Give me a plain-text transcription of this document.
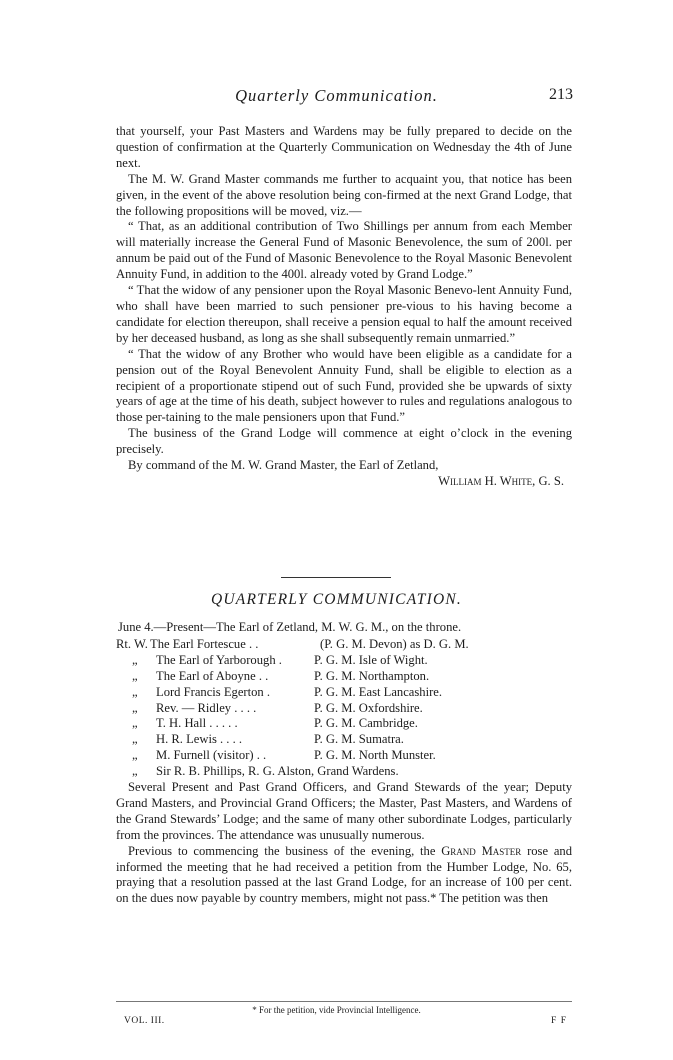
Quarterly Communication.	213

that yourself, your Past Masters and Wardens may be fully prepared to decide on the question of confirmation at the Quarterly Communication on Wednesday the 4th of June next.

The M. W. Grand Master commands me further to acquaint you, that notice has been given, in the event of the above resolution being con-firmed at the next Grand Lodge, that the following propositions will be moved, viz.—

“ That, as an additional contribution of Two Shillings per annum from each Member will materially increase the General Fund of Masonic Benevolence, the sum of 200l. per annum be paid out of the Fund of Masonic Benevolence to the Royal Masonic Benevolent Annuity Fund, in addition to the 400l. already voted by Grand Lodge.”

“ That the widow of any pensioner upon the Royal Masonic Benevo-lent Annuity Fund, who shall have been married to such pensioner pre-vious to his having become a candidate for election thereupon, shall receive a pension equal to half the amount received by her deceased husband, as long as she shall subsequently remain unmarried.”

“ That the widow of any Brother who would have been eligible as a candidate for a pension out of the Royal Benevolent Annuity Fund, shall be eligible to election as a recipient of a proportionate stipend out of such Fund, provided she be upwards of sixty years of age at the time of his death, subject however to rules and regulations analogous to those per-taining to the male pensioners upon that Fund.”

The business of the Grand Lodge will commence at eight o’clock in the evening precisely.

By command of the M. W. Grand Master, the Earl of Zetland,

William H. White, G. S.

QUARTERLY COMMUNICATION.
June 4.—Present—The Earl of Zetland, M. W. G. M., on the throne.
Rt. W. The Earl Fortescue . .	(P. G. M. Devon) as D. G. M.
„ The Earl of Yarborough .	P. G. M. Isle of Wight.
„ The Earl of Aboyne . .	P. G. M. Northampton.
„ Lord Francis Egerton .	P. G. M. East Lancashire.
„ Rev. — Ridley . . . .	P. G. M. Oxfordshire.
„ T. H. Hall . . . . .	P. G. M. Cambridge.
„ H. R. Lewis . . . .	P. G. M. Sumatra.
„ M. Furnell (visitor) . .	P. G. M. North Munster.
„ Sir R. B. Phillips, R. G. Alston, Grand Wardens.

Several Present and Past Grand Officers, and Grand Stewards of the year; Deputy Grand Masters, and Provincial Grand Officers; the Master, Past Masters, and Wardens of the Grand Stewards’ Lodge; and the same of many other subordinate Lodges, particularly from the provinces. The attendance was unusually numerous.

Previous to commencing the business of the evening, the Grand Master rose and informed the meeting that he had received a petition from the Humber Lodge, No. 65, praying that a resolution passed at the last Grand Lodge, for an increase of 100 per cent. on the dues now payable by country members, might not pass.* The petition was then

* For the petition, vide Provincial Intelligence.
VOL. III.	F F
